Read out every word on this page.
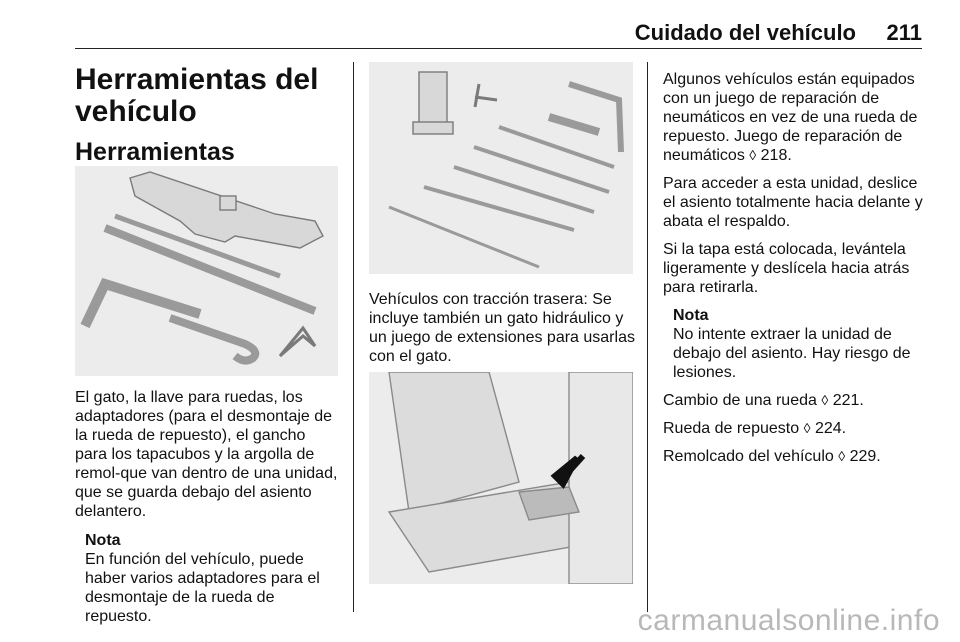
Cuidado del vehículo 211
Herramientas del vehículo
Herramientas

El gato, la llave para ruedas, los adaptadores (para el desmontaje de la rueda de repuesto), el gancho para los tapacubos y la argolla de remol-que van dentro de una unidad, que se guarda debajo del asiento delantero.

Nota

En función del vehículo, puede haber varios adaptadores para el desmontaje de la rueda de repuesto.

Vehículos con tracción trasera: Se incluye también un gato hidráulico y un juego de extensiones para usarlas con el gato.

Algunos vehículos están equipados con un juego de reparación de neumáticos en vez de una rueda de repuesto. Juego de reparación de neumáticos ◊ 218.

Para acceder a esta unidad, deslice el asiento totalmente hacia delante y abata el respaldo.

Si la tapa está colocada, levántela ligeramente y deslícela hacia atrás para retirarla.

Nota

No intente extraer la unidad de debajo del asiento. Hay riesgo de lesiones.

Cambio de una rueda ◊ 221.

Rueda de repuesto ◊ 224.

Remolcado del vehículo ◊ 229.

carmanualsonline.info
